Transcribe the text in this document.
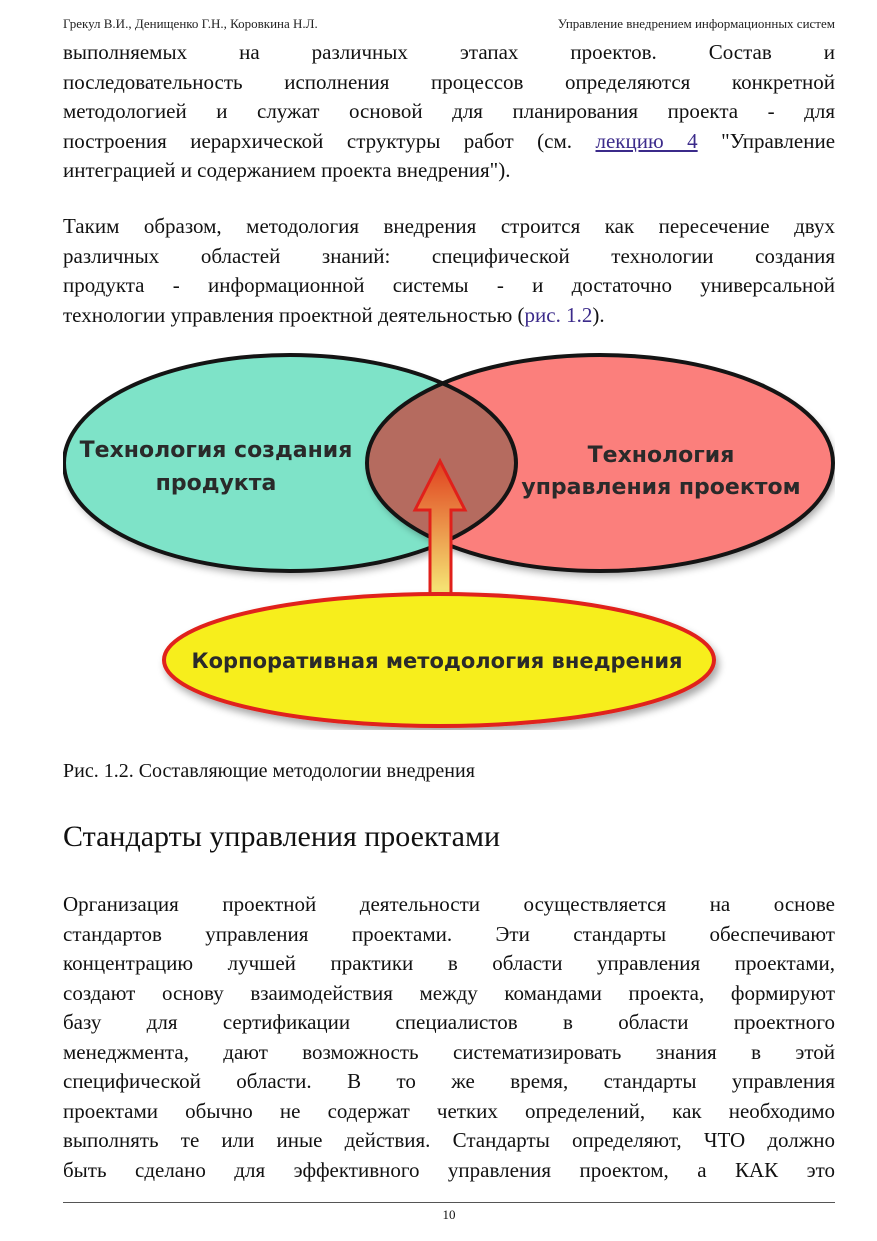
Грекул В.И., Денищенко Г.Н., Коровкина Н.Л.	Управление внедрением информационных систем

выполняемых на различных этапах проектов. Состав и
последовательность исполнения процессов определяются конкретной
методологией и служат основой для планирования проекта - для
построения иерархической структуры работ (см. лекцию 4 "Управление
интеграцией и содержанием проекта внедрения").

Таким образом, методология внедрения строится как пересечение двух
различных областей знаний: специфической технологии создания
продукта - информационной системы - и достаточно универсальной
технологии управления проектной деятельностью (рис. 1.2).

Технология создания
продукта
Технология
управления проектом
Корпоративная методология внедрения
Рис. 1.2. Составляющие методологии внедрения
Стандарты управления проектами

Организация проектной деятельности осуществляется на основе
стандартов управления проектами. Эти стандарты обеспечивают
концентрацию лучшей практики в области управления проектами,
создают основу взаимодействия между командами проекта, формируют
базу для сертификации специалистов в области проектного
менеджмента, дают возможность систематизировать знания в этой
специфической области. В то же время, стандарты управления
проектами обычно не содержат четких определений, как необходимо
выполнять те или иные действия. Стандарты определяют, ЧТО должно
быть сделано для эффективного управления проектом, а КАК это

10
